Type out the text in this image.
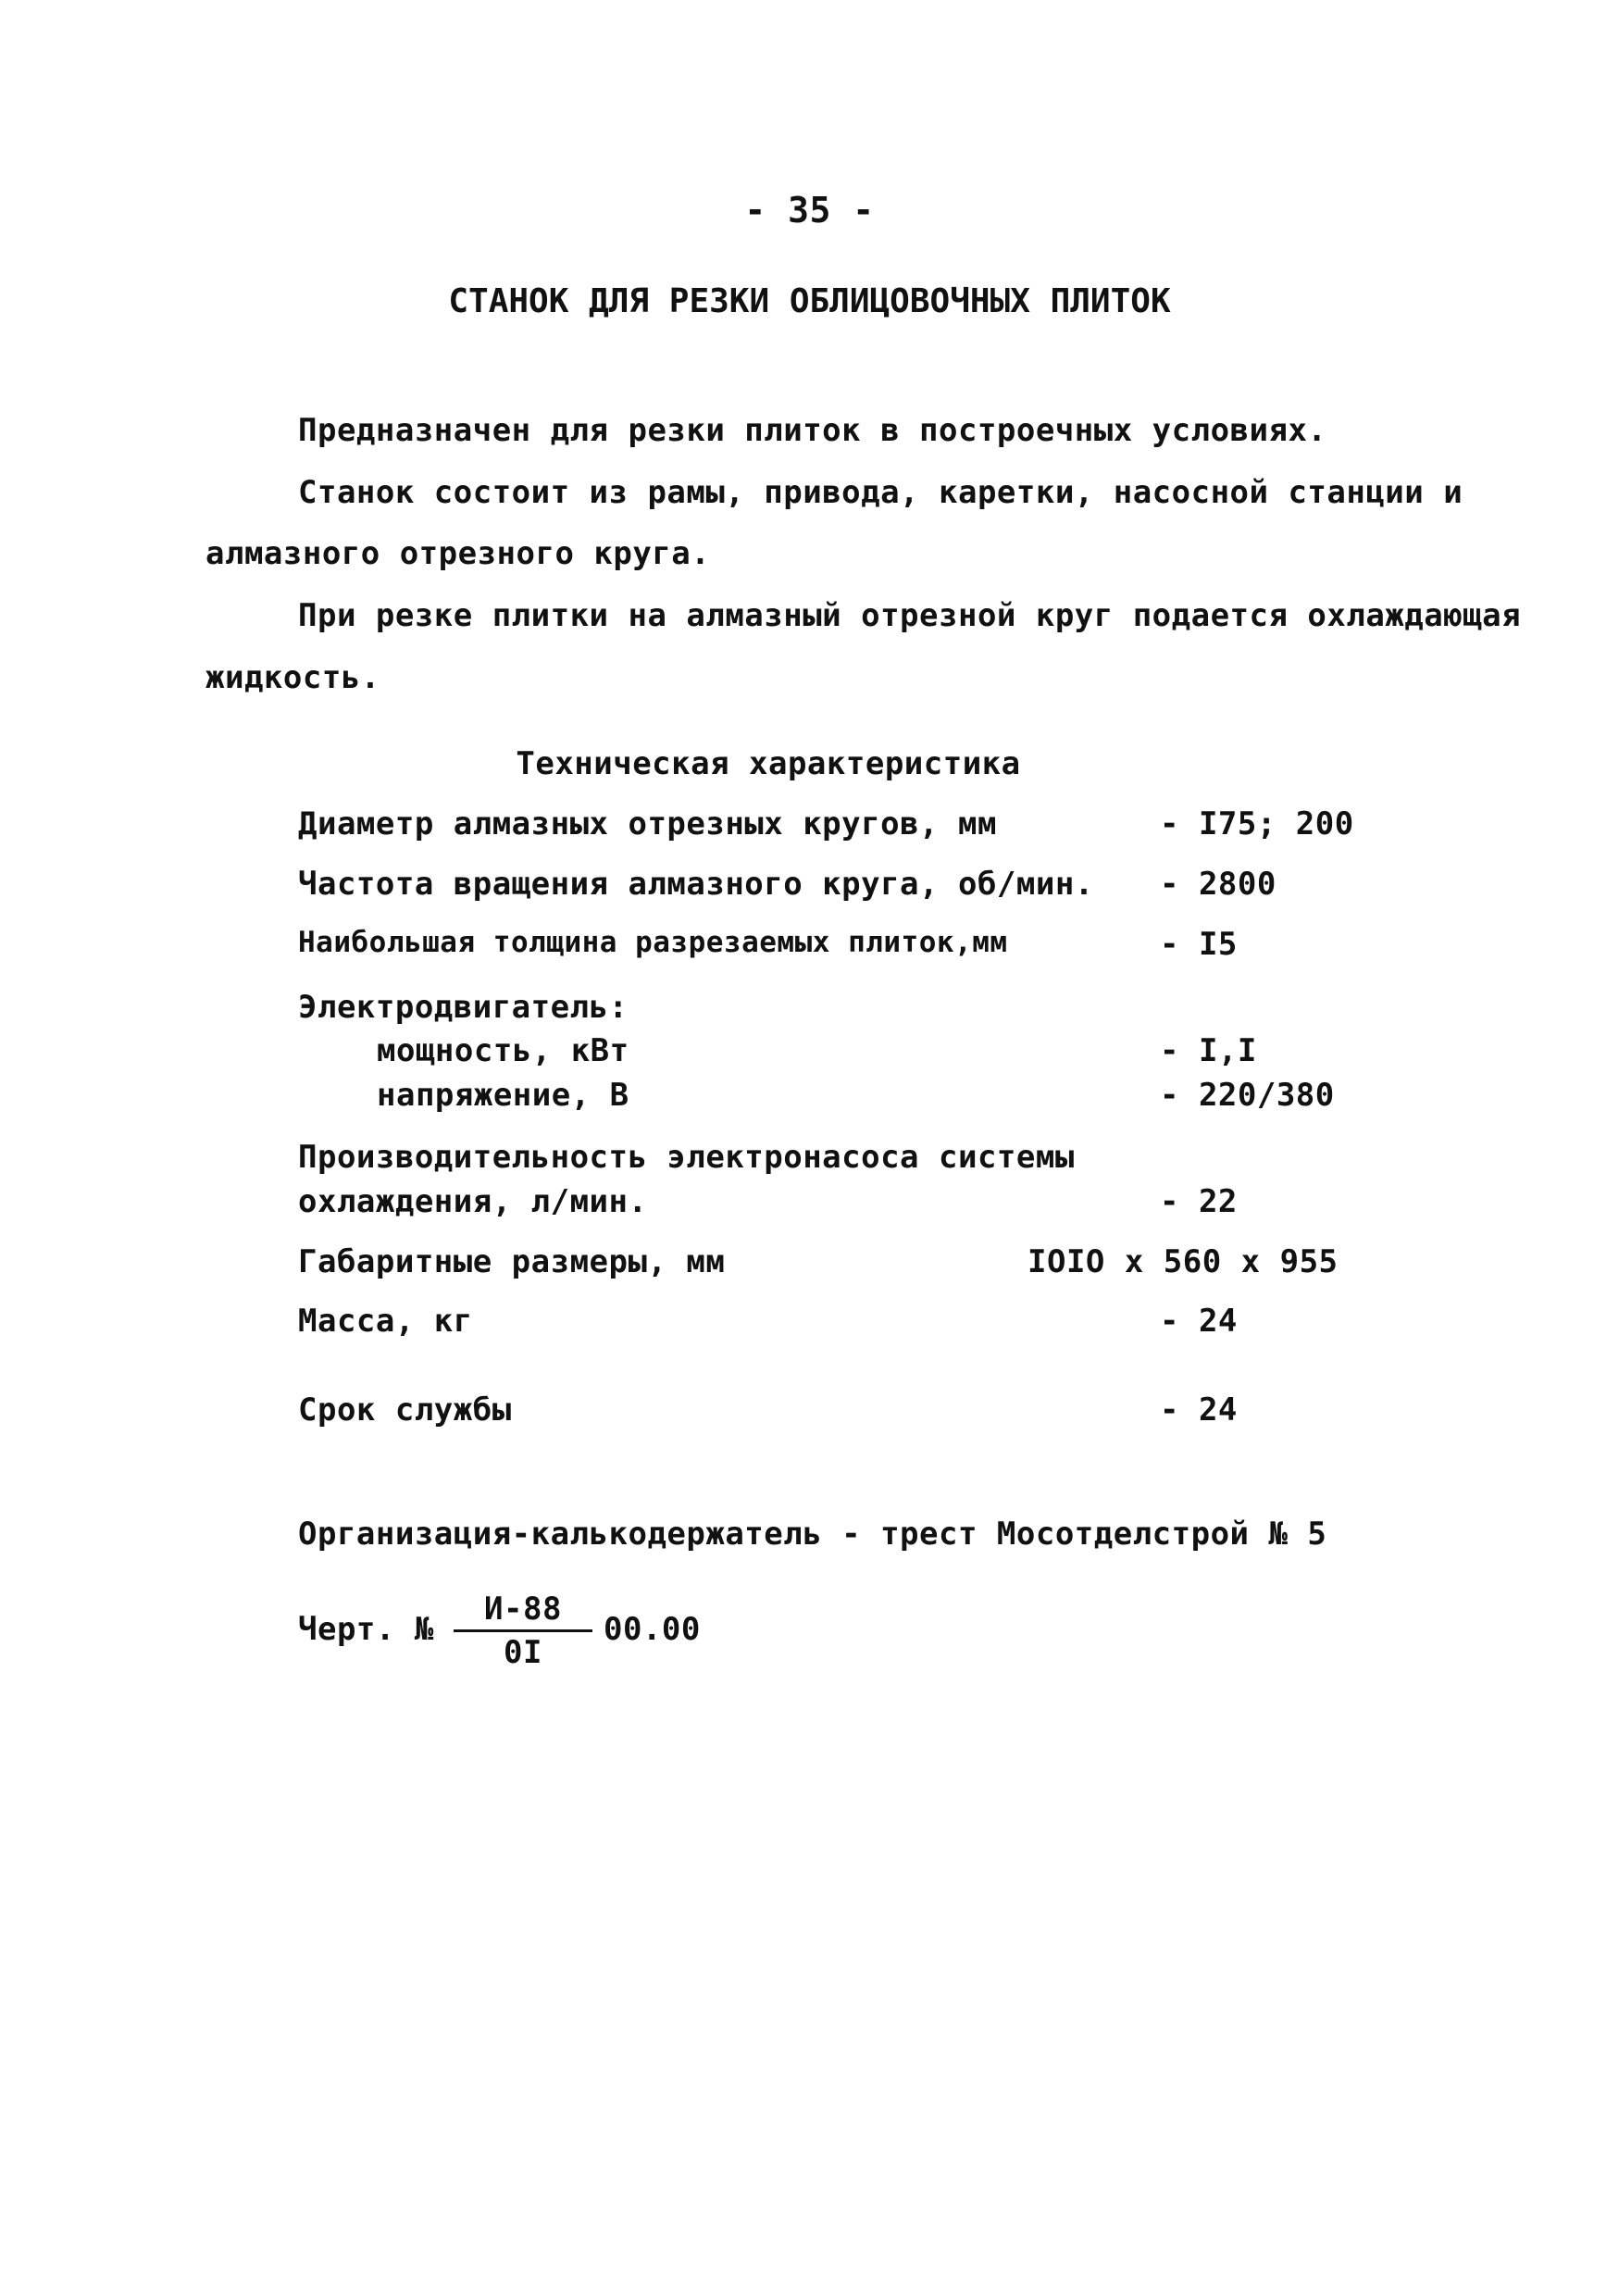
- 35 -
СТАНОК ДЛЯ РЕЗКИ ОБЛИЦОВОЧНЫХ ПЛИТОК
Предназначен для резки плиток в построечных условиях.
Станок состоит из рамы, привода, каретки, насосной станции и
алмазного отрезного круга.
При резке плитки на алмазный отрезной круг подается охлаждающая
жидкость.
Техническая характеристика
Диаметр алмазных отрезных кругов, мм	- I75; 200
Частота вращения алмазного круга, об/мин. - 2800
Наибольшая толщина разрезаемых плиток,мм	- I5
Электродвигатель:
мощность, кВт	- I,I
напряжение, В	- 220/380
Производительность электронасоса системы
охлаждения, л/мин.	- 22
Габаритные размеры, мм	IOIO x 560 x 955
Масса, кг	- 24
Срок службы	- 24
Организация-калькодержатель - трест Мосотделстрой № 5
Черт. №
И-88
0I
00.00
